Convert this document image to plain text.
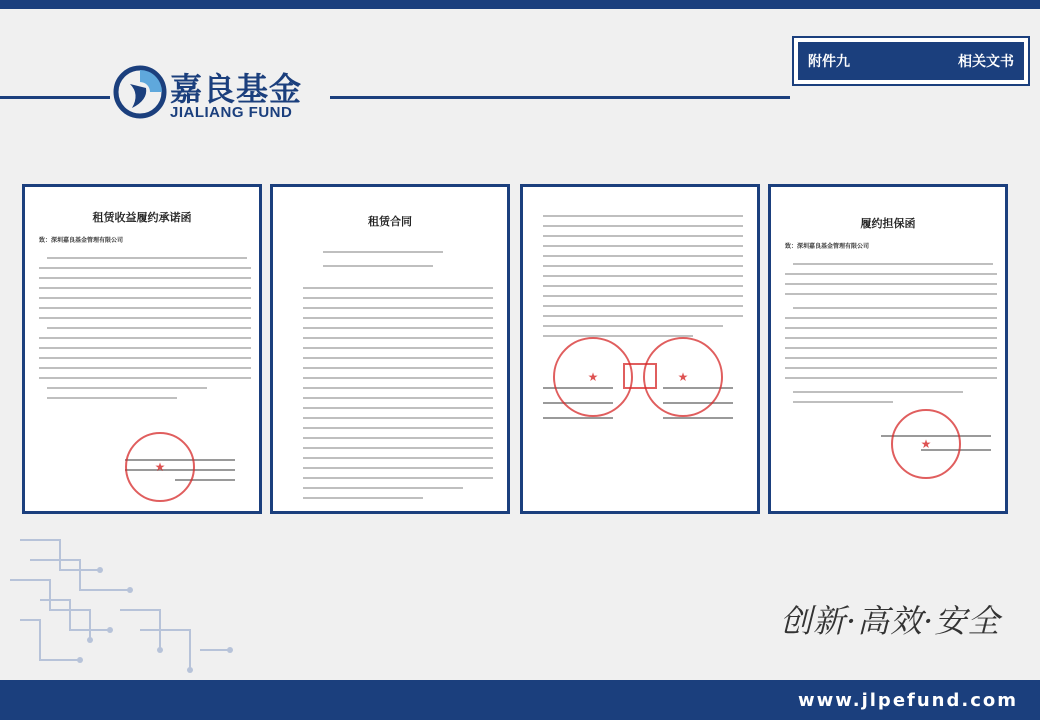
嘉良基金
JIALIANG FUND
附件九	相关文书
租赁收益履约承诺函
致：深圳嘉良基金管理有限公司
★
租赁合同
★
★	履约担保函
致：深圳嘉良基金管理有限公司
★
创新·高效·安全
www.jlpefund.com
